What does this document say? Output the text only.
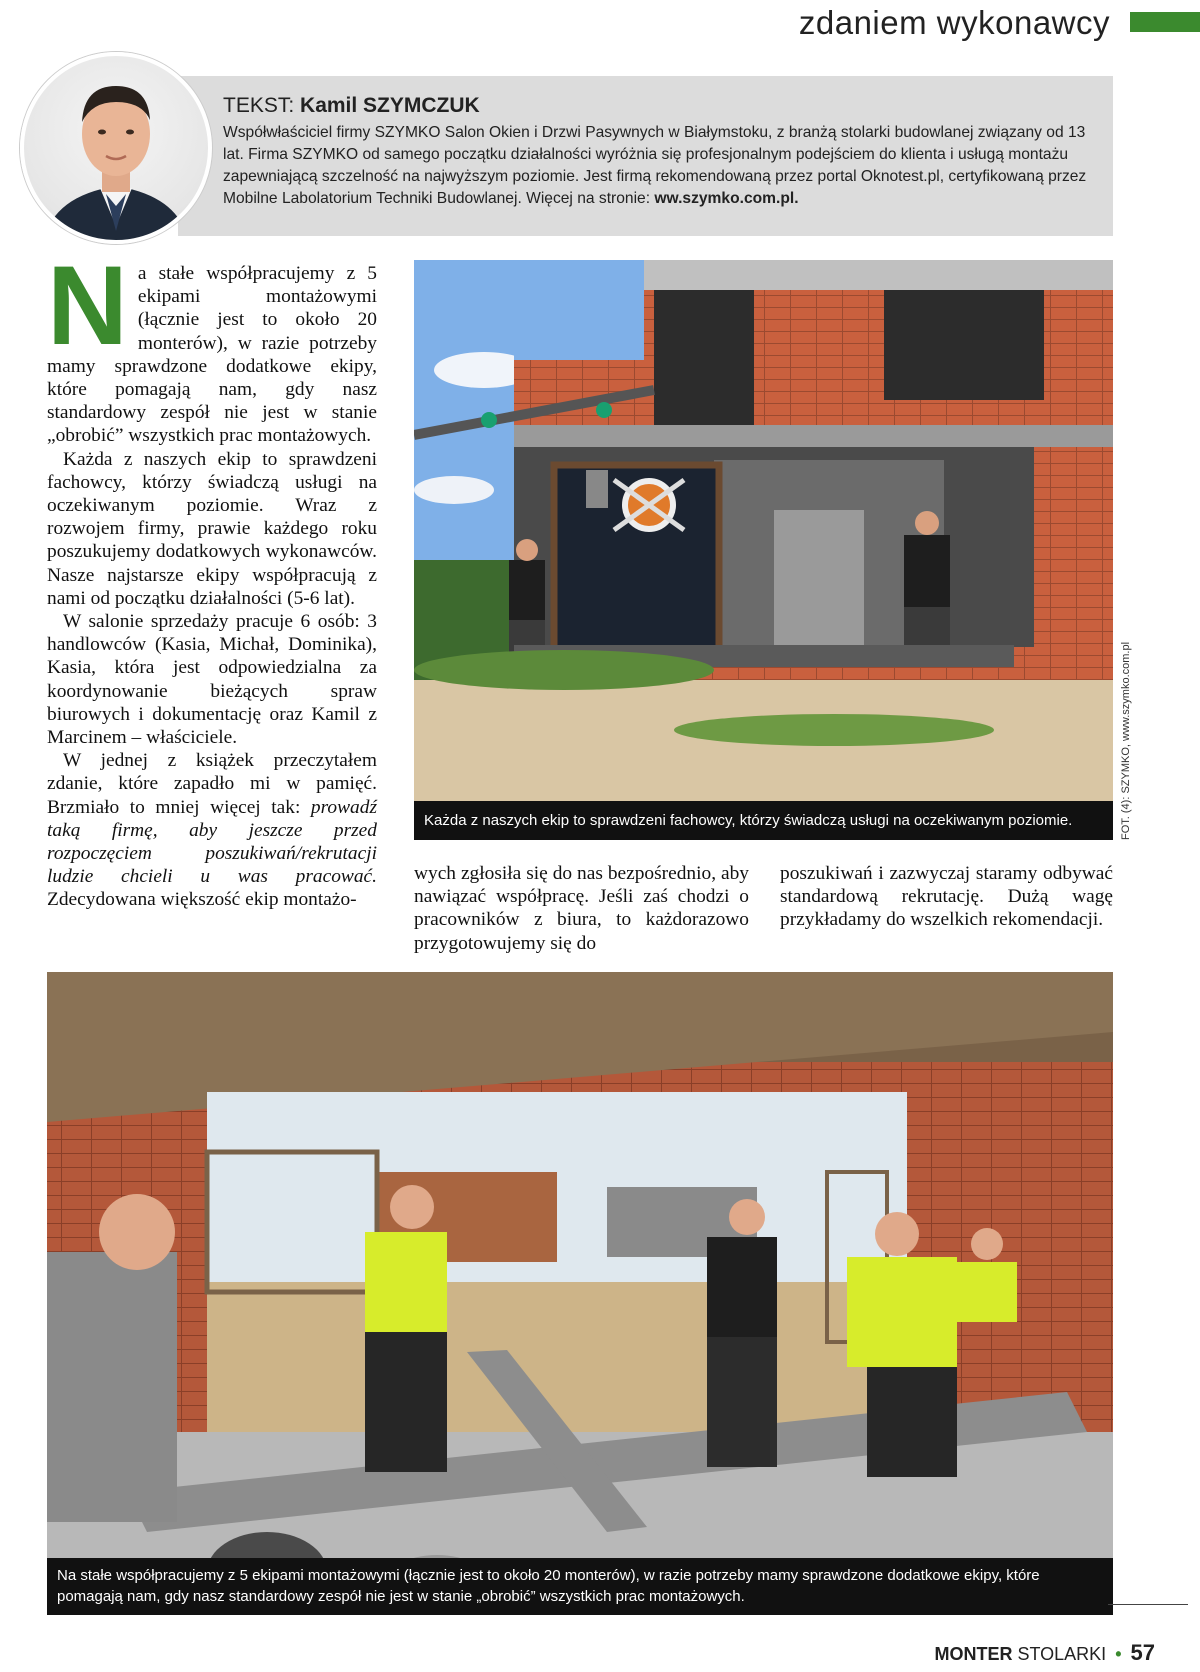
zdaniem wykonawcy
TEKST: Kamil SZYMCZUK
Współwłaściciel firmy SZYMKO Salon Okien i Drzwi Pasywnych w Białymstoku, z branżą stolarki budowlanej związany od 13 lat. Firma SZYMKO od samego początku działalności wyróżnia się profesjonalnym podejściem do klienta i usługą montażu zapewniającą szczelność na najwyższym poziomie. Jest firmą rekomendowaną przez portal Oknotest.pl, certyfikowaną przez Mobilne Labolatorium Techniki Budowlanej. Więcej na stronie: ww.szymko.com.pl.

Na stałe współpracujemy z 5 ekipami montażowymi (łącznie jest to około 20 monterów), w razie potrzeby mamy sprawdzone dodatkowe ekipy, które pomagają nam, gdy nasz standardowy zespół nie jest w stanie „obrobić” wszystkich prac montażowych.

Każda z naszych ekip to sprawdzeni fachowcy, którzy świadczą usługi na oczekiwanym poziomie. Wraz z rozwojem firmy, prawie każdego roku poszukujemy dodatkowych wykonawców. Nasze najstarsze ekipy współpracują z nami od początku działalności (5-6 lat).

W salonie sprzedaży pracuje 6 osób: 3 handlowców (Kasia, Michał, Dominika), Kasia, która jest odpowiedzialna za koordynowanie bieżących spraw biurowych i dokumentację oraz Kamil z Marcinem – właściciele.

W jednej z książek przeczytałem zdanie, które zapadło mi w pamięć. Brzmiało to mniej więcej tak: prowadź taką firmę, aby jeszcze przed rozpoczęciem poszukiwań/rekrutacji ludzie chcieli u was pracować. Zdecydowana większość ekip montażo-

Każda z naszych ekip to sprawdzeni fachowcy, którzy świadczą usługi na oczekiwanym poziomie.	FOT. (4): SZYMKO, www.szymko.com.pl

wych zgłosiła się do nas bezpośrednio, aby nawiązać współpracę. Jeśli zaś chodzi o pracowników z biura, to każdorazowo przygotowujemy się do

poszukiwań i zazwyczaj staramy odbywać standardową rekrutację. Dużą wagę przykładamy do wszelkich rekomendacji.

Na stałe współpracujemy z 5 ekipami montażowymi (łącznie jest to około 20 monterów), w razie potrzeby mamy sprawdzone dodatkowe ekipy, które pomagają nam, gdy nasz standardowy zespół nie jest w stanie „obrobić” wszystkich prac montażowych.
MONTER STOLARKI • 57
